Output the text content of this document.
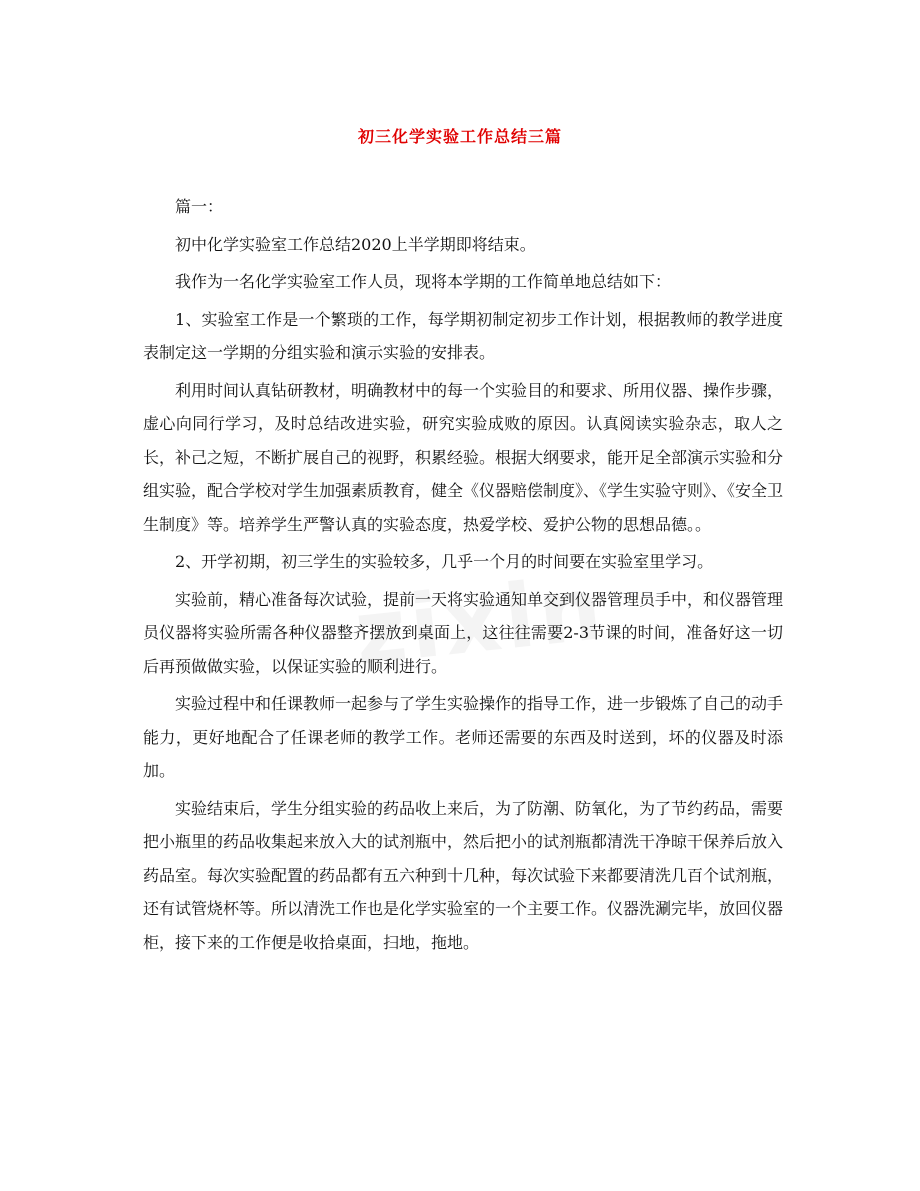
初三化学实验工作总结三篇

篇一：

初中化学实验室工作总结2020上半学期即将结束。

我作为一名化学实验室工作人员，现将本学期的工作简单地总结如下：

1、实验室工作是一个繁琐的工作，每学期初制定初步工作计划，根据教师的教学进度表制定这一学期的分组实验和演示实验的安排表。

利用时间认真钻研教材，明确教材中的每一个实验目的和要求、所用仪器、操作步骤，虚心向同行学习，及时总结改进实验，研究实验成败的原因。认真阅读实验杂志，取人之长，补己之短，不断扩展自己的视野，积累经验。根据大纲要求，能开足全部演示实验和分组实验，配合学校对学生加强素质教育，健全《仪器赔偿制度》、《学生实验守则》、《安全卫生制度》等。培养学生严警认真的实验态度，热爱学校、爱护公物的思想品德。。

2、开学初期，初三学生的实验较多，几乎一个月的时间要在实验室里学习。

实验前，精心准备每次试验，提前一天将实验通知单交到仪器管理员手中，和仪器管理员仪器将实验所需各种仪器整齐摆放到桌面上，这往往需要2-3节课的时间，准备好这一切后再预做做实验，以保证实验的顺利进行。

实验过程中和任课教师一起参与了学生实验操作的指导工作，进一步锻炼了自己的动手能力，更好地配合了任课老师的教学工作。老师还需要的东西及时送到，坏的仪器及时添加。

实验结束后，学生分组实验的药品收上来后，为了防潮、防氧化，为了节约药品，需要把小瓶里的药品收集起来放入大的试剂瓶中，然后把小的试剂瓶都清洗干净晾干保养后放入药品室。每次实验配置的药品都有五六种到十几种，每次试验下来都要清洗几百个试剂瓶，还有试管烧杯等。所以清洗工作也是化学实验室的一个主要工作。仪器洗涮完毕，放回仪器柜，接下来的工作便是收拾桌面，扫地，拖地。
